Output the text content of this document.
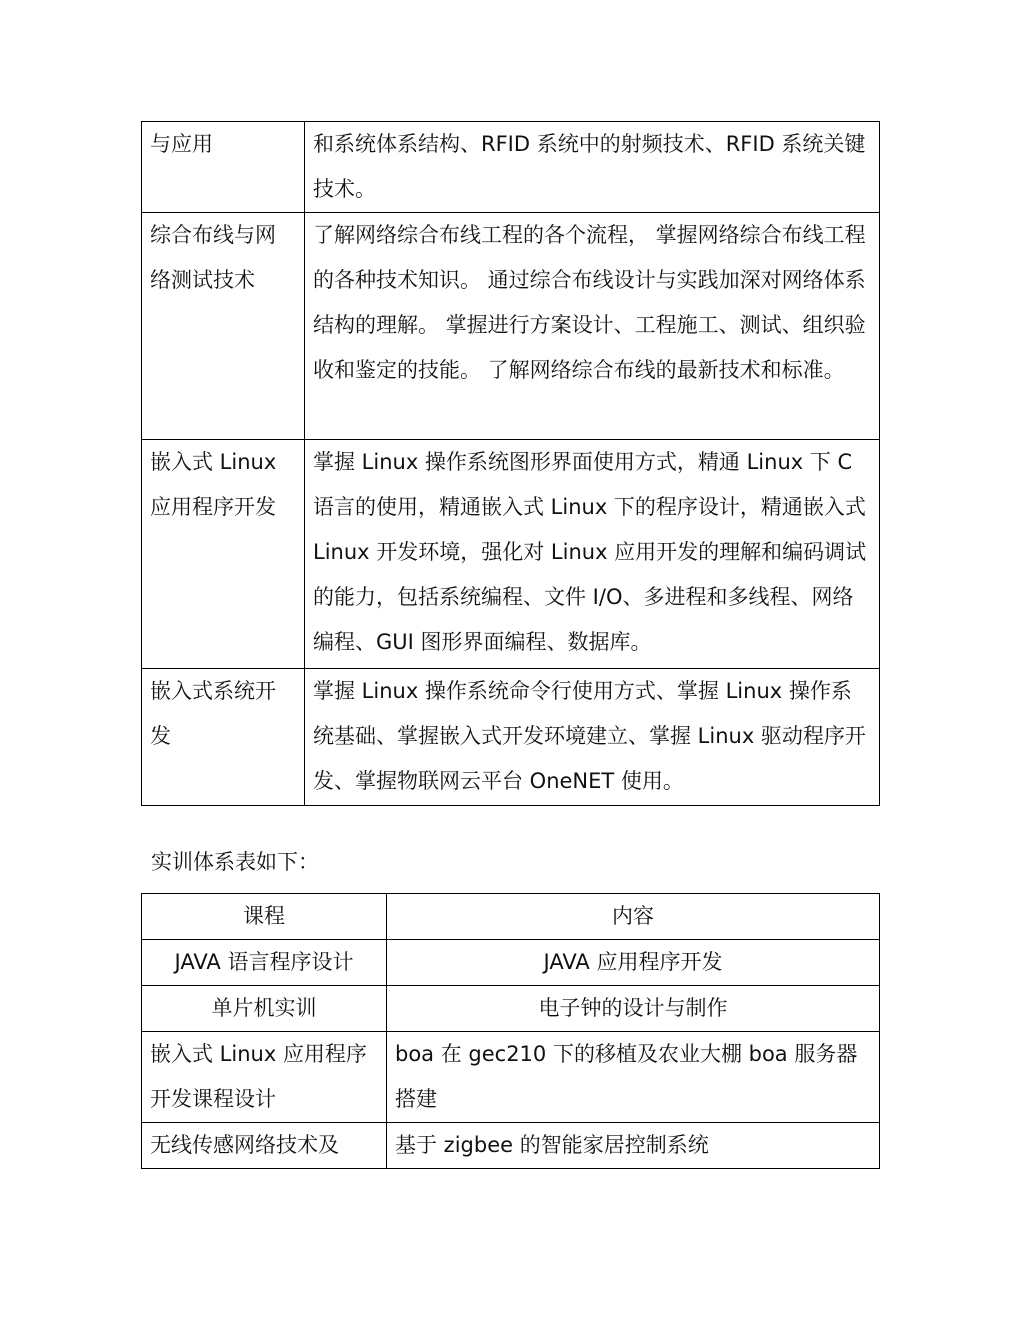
与应用	和系统体系结构、RFID 系统中的射频技术、RFID 系统关键技术。
综合布线与网络测试技术	了解网络综合布线工程的各个流程， 掌握网络综合布线工程的各种技术知识。 通过综合布线设计与实践加深对网络体系结构的理解。 掌握进行方案设计、工程施工、测试、组织验收和鉴定的技能。 了解网络综合布线的最新技术和标准。
嵌入式 Linux 应用程序开发	掌握 Linux 操作系统图形界面使用方式，精通 Linux 下 C 语言的使用，精通嵌入式 Linux 下的程序设计，精通嵌入式 Linux 开发环境，强化对 Linux 应用开发的理解和编码调试的能力，包括系统编程、文件 I/O、多进程和多线程、网络编程、GUI 图形界面编程、数据库。
嵌入式系统开发	掌握 Linux 操作系统命令行使用方式、掌握 Linux 操作系统基础、掌握嵌入式开发环境建立、掌握 Linux 驱动程序开发、掌握物联网云平台 OneNET 使用。
实训体系表如下：
课程	内容
JAVA 语言程序设计	JAVA 应用程序开发
单片机实训	电子钟的设计与制作
嵌入式 Linux 应用程序开发课程设计	boa 在 gec210 下的移植及农业大棚 boa 服务器搭建
无线传感网络技术及	基于 zigbee 的智能家居控制系统
